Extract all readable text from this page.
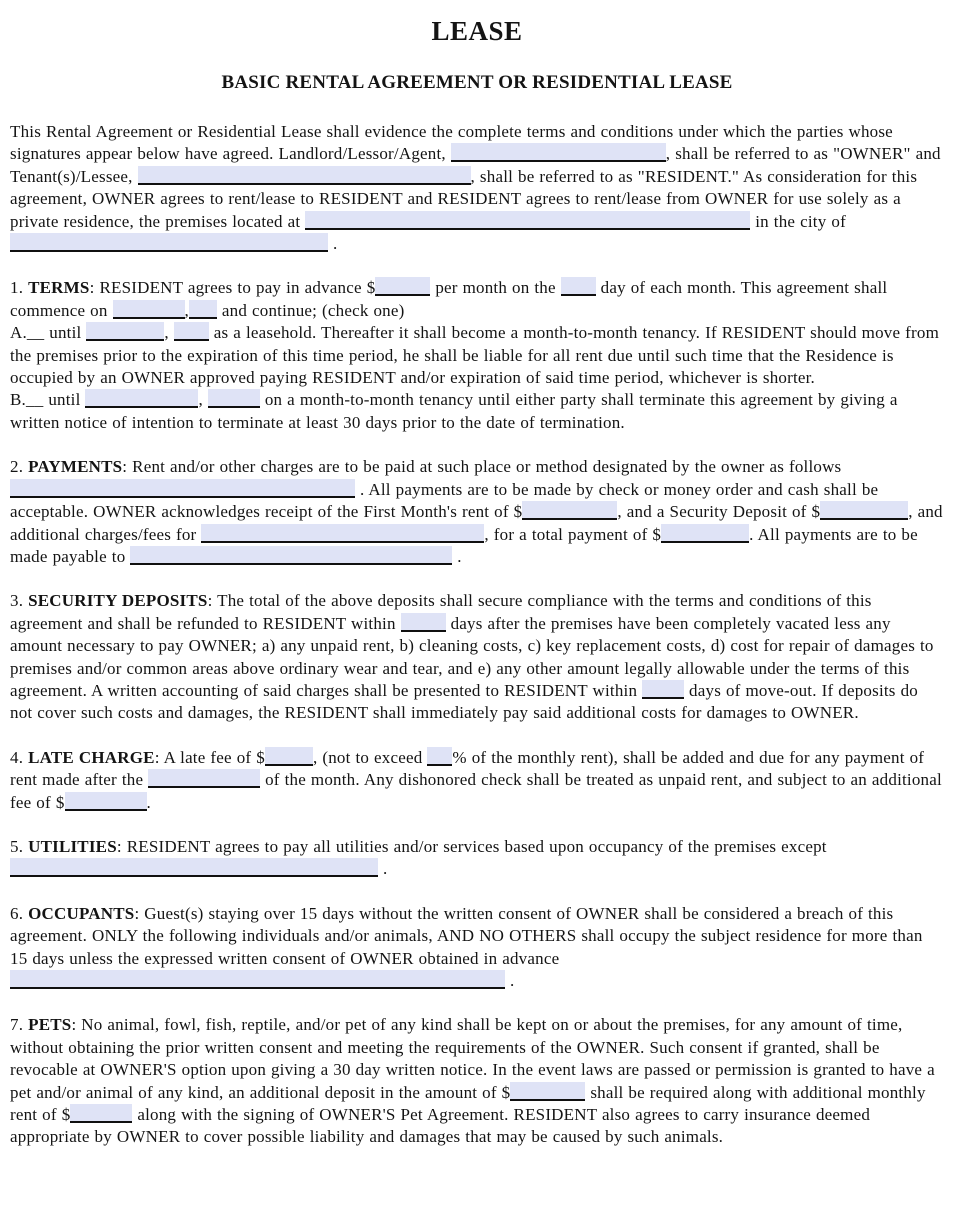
LEASE
BASIC RENTAL AGREEMENT OR RESIDENTIAL LEASE
This Rental Agreement or Residential Lease shall evidence the complete terms and conditions under which the parties whose signatures appear below have agreed. Landlord/Lessor/Agent,	, shall be referred to as "OWNER" and Tenant(s)/Lessee,	, shall be referred to as "RESIDENT." As consideration for this agreement, OWNER agrees to rent/lease to RESIDENT and RESIDENT agrees to rent/lease from OWNER for use solely as a private residence, the premises located at	in the city of  .
1. TERMS: RESIDENT agrees to pay in advance $	per month on the  day of each month. This agreement shall commence on	, and continue; (check one)
A.__ until	,  as a leasehold. Thereafter it shall become a month-to-month tenancy. If RESIDENT should move from the premises prior to the expiration of this time period, he shall be liable for all rent due until such time that the Residence is occupied by an OWNER approved paying RESIDENT and/or expiration of said time period, whichever is shorter.
B.__ until	,	on a month-to-month tenancy until either party shall terminate this agreement by giving a written notice of intention to terminate at least 30 days prior to the date of termination.
2. PAYMENTS: Rent and/or other charges are to be paid at such place or method designated by the owner as follows  . All payments are to be made by check or money order and cash shall be acceptable. OWNER acknowledges receipt of the First Month's rent of $	, and a Security Deposit of $	, and additional charges/fees for	, for a total payment of $	. All payments are to be made payable to	.
3. SECURITY DEPOSITS: The total of the above deposits shall secure compliance with the terms and conditions of this agreement and shall be refunded to RESIDENT within	days after the premises have been completely vacated less any amount necessary to pay OWNER; a) any unpaid rent, b) cleaning costs, c) key replacement costs, d) cost for repair of damages to premises and/or common areas above ordinary wear and tear, and e) any other amount legally allowable under the terms of this agreement. A written accounting of said charges shall be presented to RESIDENT within  days of move-out. If deposits do not cover such costs and damages, the RESIDENT shall immediately pay said additional costs for damages to OWNER.
4. LATE CHARGE: A late fee of $	, (not to exceed % of the monthly rent), shall be added and due for any payment of rent made after the	of the month. Any dishonored check shall be treated as unpaid rent, and subject to an additional fee of $	.
5. UTILITIES: RESIDENT agrees to pay all utilities and/or services based upon occupancy of the premises except  .
6. OCCUPANTS: Guest(s) staying over 15 days without the written consent of OWNER shall be considered a breach of this agreement. ONLY the following individuals and/or animals, AND NO OTHERS shall occupy the subject residence for more than 15 days unless the expressed written consent of OWNER obtained in advance  .
7. PETS: No animal, fowl, fish, reptile, and/or pet of any kind shall be kept on or about the premises, for any amount of time, without obtaining the prior written consent and meeting the requirements of the OWNER. Such consent if granted, shall be revocable at OWNER'S option upon giving a 30 day written notice. In the event laws are passed or permission is granted to have a pet and/or animal of any kind, an additional deposit in the amount of $	shall be required along with additional monthly rent of $	along with the signing of OWNER'S Pet Agreement. RESIDENT also agrees to carry insurance deemed appropriate by OWNER to cover possible liability and damages that may be caused by such animals.
